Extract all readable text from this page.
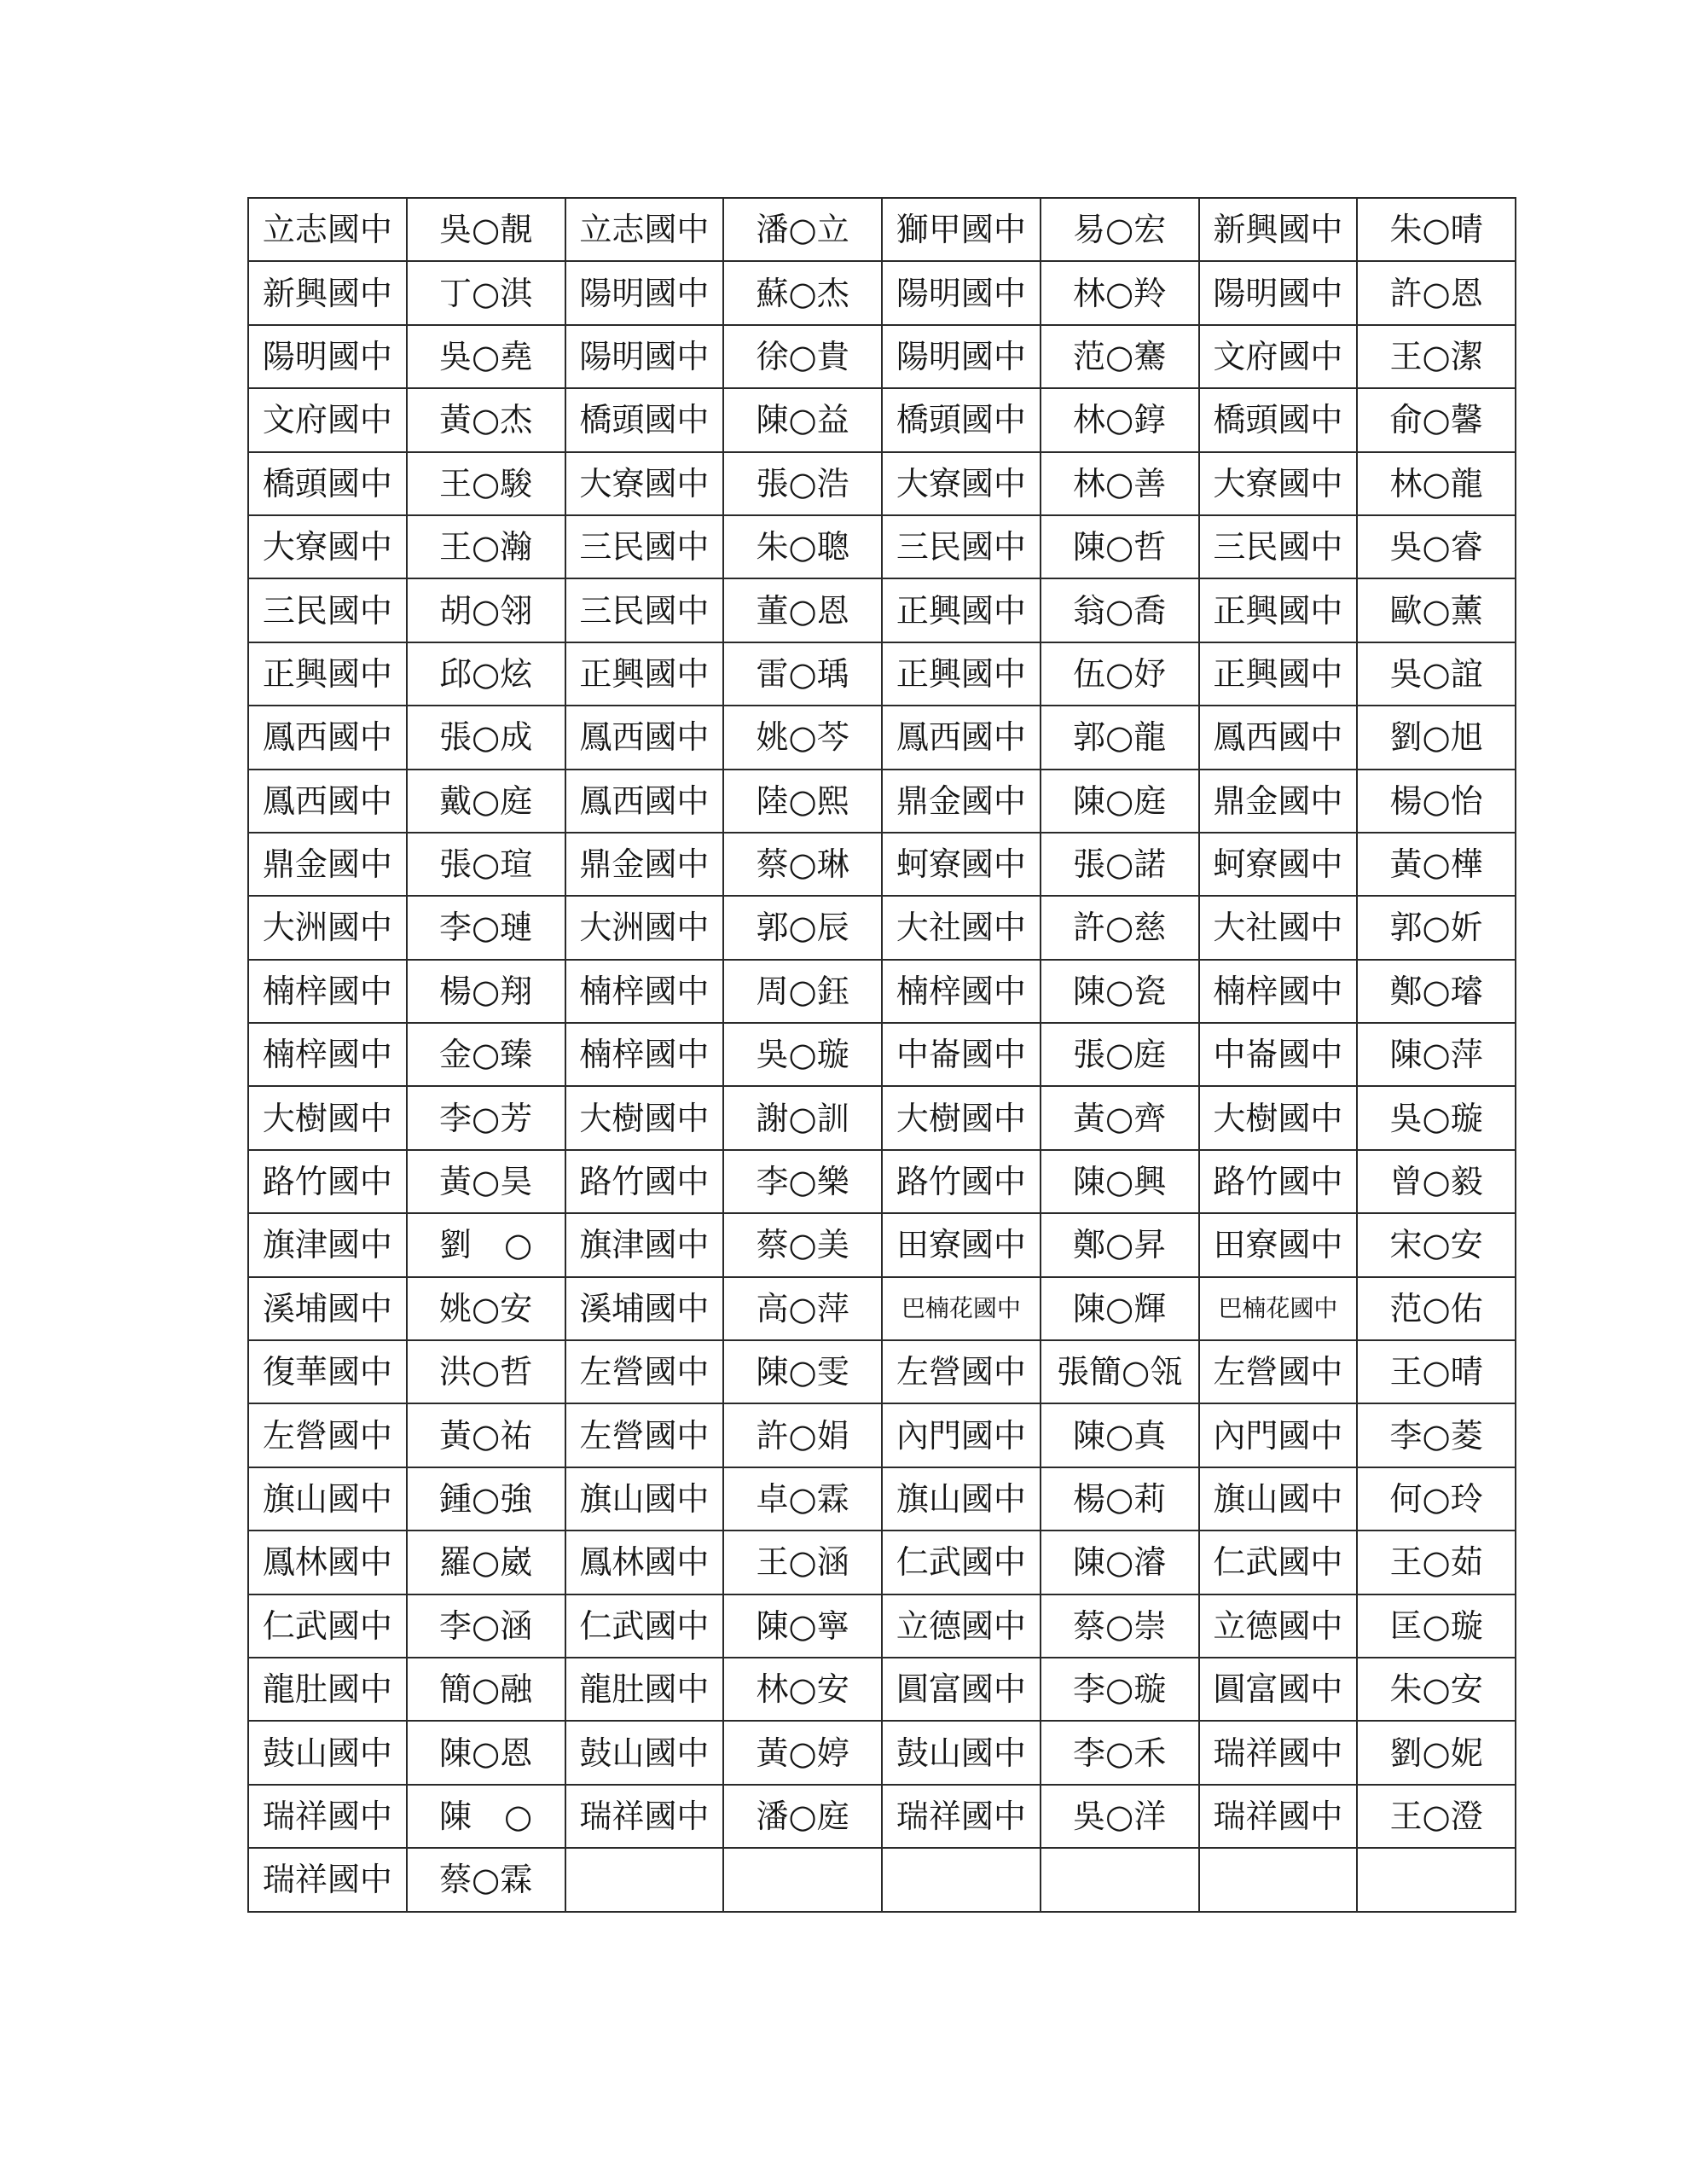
立志國中	吳○靚	立志國中	潘○立	獅甲國中	易○宏	新興國中	朱○晴
新興國中	丁○淇	陽明國中	蘇○杰	陽明國中	林○羚	陽明國中	許○恩
陽明國中	吳○堯	陽明國中	徐○貴	陽明國中	范○騫	文府國中	王○潔
文府國中	黃○杰	橋頭國中	陳○益	橋頭國中	林○錞	橋頭國中	俞○馨
橋頭國中	王○駿	大寮國中	張○浩	大寮國中	林○善	大寮國中	林○龍
大寮國中	王○瀚	三民國中	朱○聰	三民國中	陳○哲	三民國中	吳○睿
三民國中	胡○翎	三民國中	董○恩	正興國中	翁○喬	正興國中	歐○薰
正興國中	邱○炫	正興國中	雷○瑀	正興國中	伍○妤	正興國中	吳○誼
鳳西國中	張○成	鳳西國中	姚○芩	鳳西國中	郭○龍	鳳西國中	劉○旭
鳳西國中	戴○庭	鳳西國中	陸○熙	鼎金國中	陳○庭	鼎金國中	楊○怡
鼎金國中	張○瑄	鼎金國中	蔡○琳	蚵寮國中	張○諾	蚵寮國中	黃○樺
大洲國中	李○璉	大洲國中	郭○辰	大社國中	許○慈	大社國中	郭○妡
楠梓國中	楊○翔	楠梓國中	周○鈺	楠梓國中	陳○瓷	楠梓國中	鄭○璿
楠梓國中	金○臻	楠梓國中	吳○璇	中崙國中	張○庭	中崙國中	陳○萍
大樹國中	李○芳	大樹國中	謝○訓	大樹國中	黃○齊	大樹國中	吳○璇
路竹國中	黃○昊	路竹國中	李○樂	路竹國中	陳○興	路竹國中	曾○毅
旗津國中	劉　○	旗津國中	蔡○美	田寮國中	鄭○昇	田寮國中	宋○安
溪埔國中	姚○安	溪埔國中	高○萍	巴楠花國中	陳○輝	巴楠花國中	范○佑
復華國中	洪○哲	左營國中	陳○雯	左營國中	張簡○瓴	左營國中	王○晴
左營國中	黃○祐	左營國中	許○娟	內門國中	陳○真	內門國中	李○菱
旗山國中	鍾○強	旗山國中	卓○霖	旗山國中	楊○莉	旗山國中	何○玲
鳳林國中	羅○崴	鳳林國中	王○涵	仁武國中	陳○濬	仁武國中	王○茹
仁武國中	李○涵	仁武國中	陳○寧	立德國中	蔡○崇	立德國中	匡○璇
龍肚國中	簡○融	龍肚國中	林○安	圓富國中	李○璇	圓富國中	朱○安
鼓山國中	陳○恩	鼓山國中	黃○婷	鼓山國中	李○禾	瑞祥國中	劉○妮
瑞祥國中	陳　○	瑞祥國中	潘○庭	瑞祥國中	吳○洋	瑞祥國中	王○澄
瑞祥國中	蔡○霖						
